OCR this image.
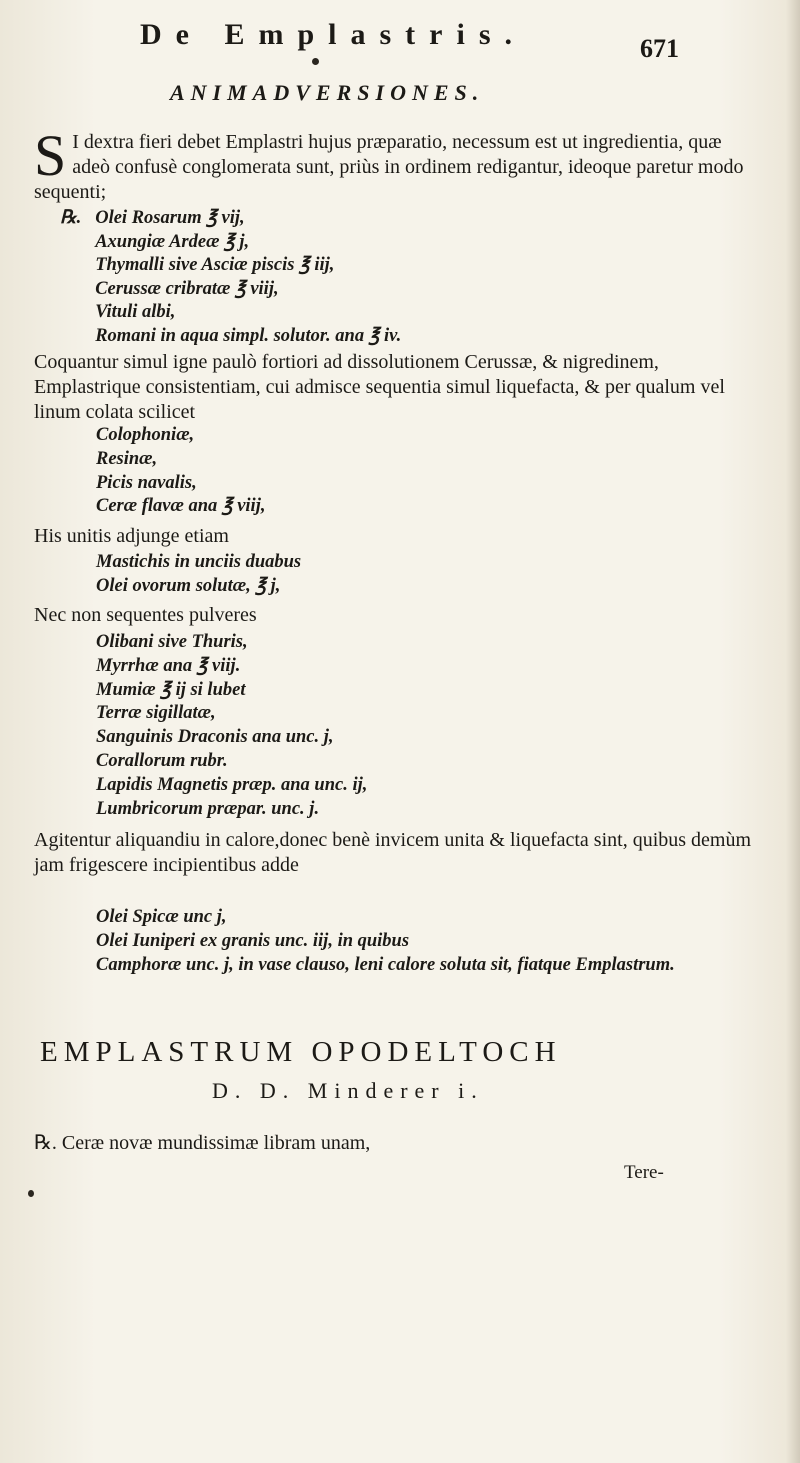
De Emplastris.	671
ANIMADVERSIONES.
S I dextra fieri debet Emplastri hujus præparatio, necessum est ut ingredientia, quæ adeò confusè conglomerata sunt, priùs in ordinem redigantur, ideoque paretur modo sequenti;

℞. Olei Rosarum ℥ vij,
Axungiæ Ardeæ ℥ j,
Thymalli sive Asciæ piscis ℥ iij,
Cerussæ cribratæ ℥ viij,
Vituli albi,
Romani in aqua simpl. solutor. ana ℥ iv.

Coquantur simul igne paulò fortiori ad dissolutionem Cerussæ, & nigredinem, Emplastrique consistentiam, cui admisce sequentia simul liquefacta, & per qualum vel linum colata scilicet

Colophoniæ,
Resinæ,
Picis navalis,
Ceræ flavæ ana ℥ viij,

His unitis adjunge etiam

Mastichis in unciis duabus
Olei ovorum solutæ, ℥ j,

Nec non sequentes pulveres

Olibani sive Thuris,
Myrrhæ ana ℥ viij.
Mumiæ ℥ ij si lubet
Terræ sigillatæ,
Sanguinis Draconis ana unc. j,
Corallorum rubr.
Lapidis Magnetis præp. ana unc. ij,
Lumbricorum præpar. unc. j.

Agitentur aliquandiu in calore,donec benè invicem unita & liquefacta sint, quibus demùm jam frigescere incipientibus adde

Olei Spicæ unc j,
Olei Iuniperi ex granis unc. iij, in quibus
Camphoræ unc. j, in vase clauso, leni calore soluta sit, fiatque Emplastrum.
EMPLASTRUM OPODELTOCH
D. D. Minderer i.
℞. Ceræ novæ mundissimæ libram unam,
Tere-
